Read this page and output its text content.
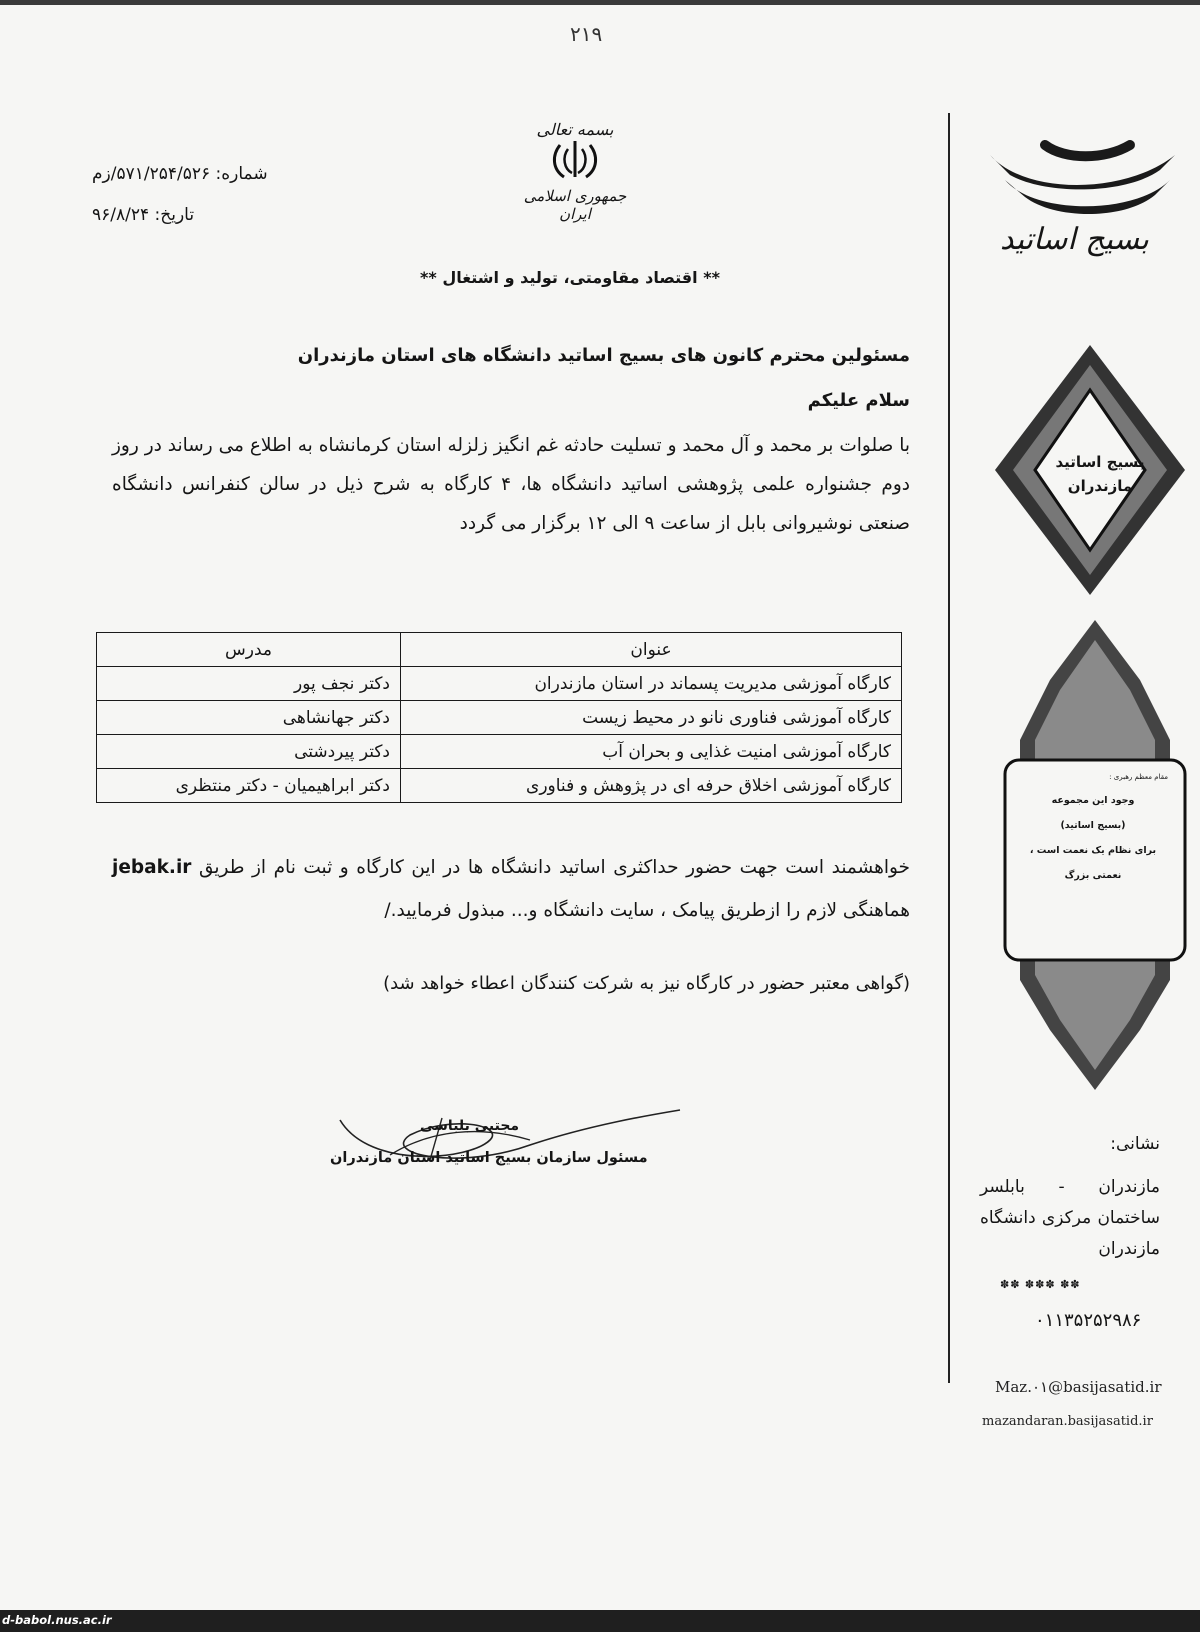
۲۱۹
شماره: ۵۷۱/۲۵۴/۵۲۶/زم
تاریخ: ۹۶/۸/۲۴
بسمه تعالی
جمهوری اسلامی ایران
** اقتصاد مقاومتی، تولید و اشتغال **
مسئولین محترم کانون های بسیج اساتید دانشگاه های استان مازندران
سلام علیکم
با صلوات بر محمد و آل محمد و تسلیت حادثه غم انگیز زلزله استان کرمانشاه به اطلاع می رساند در روز دوم جشنواره علمی پژوهشی اساتید دانشگاه ها، ۴ کارگاه به شرح ذیل در سالن کنفرانس دانشگاه صنعتی نوشیروانی بابل از ساعت ۹ الی ۱۲ برگزار می گردد
عنوان	مدرس
کارگاه آموزشی مدیریت پسماند در استان مازندران	دکتر نجف پور
کارگاه آموزشی فناوری نانو در محیط زیست	دکتر جهانشاهی
کارگاه آموزشی امنیت غذایی و بحران آب	دکتر پیردشتی
کارگاه آموزشی اخلاق حرفه ای در پژوهش و فناوری	دکتر ابراهیمیان - دکتر منتظری
خواهشمند است جهت حضور حداکثری اساتید دانشگاه ها در این کارگاه و ثبت نام از طریق jebak.ir هماهنگی لازم را ازطریق پیامک ، سایت دانشگاه و... مبذول فرمایید./
(گواهی معتبر حضور در کارگاه نیز به شرکت کنندگان اعطاء خواهد شد)
مجتبی بلباسی
مسئول سازمان بسیج اساتید استان مازندران
بسیج اساتید
بسیج اساتید
مازندران
مقام معظم رهبری :
وجود این مجموعه
(بسیج اساتید)
برای نظام یک نعمت است ،
نعمتی بزرگ
نشانی:
مازندران - بابلسر ساختمان مرکزی دانشگاه مازندران
✽✽ ✽✽✽ ✽✽
۰۱۱۳۵۲۵۲۹۸۶
Maz.۰۱@basijasatid.ir
mazandaran.basijasatid.ir
d-babol.nus.ac.ir
